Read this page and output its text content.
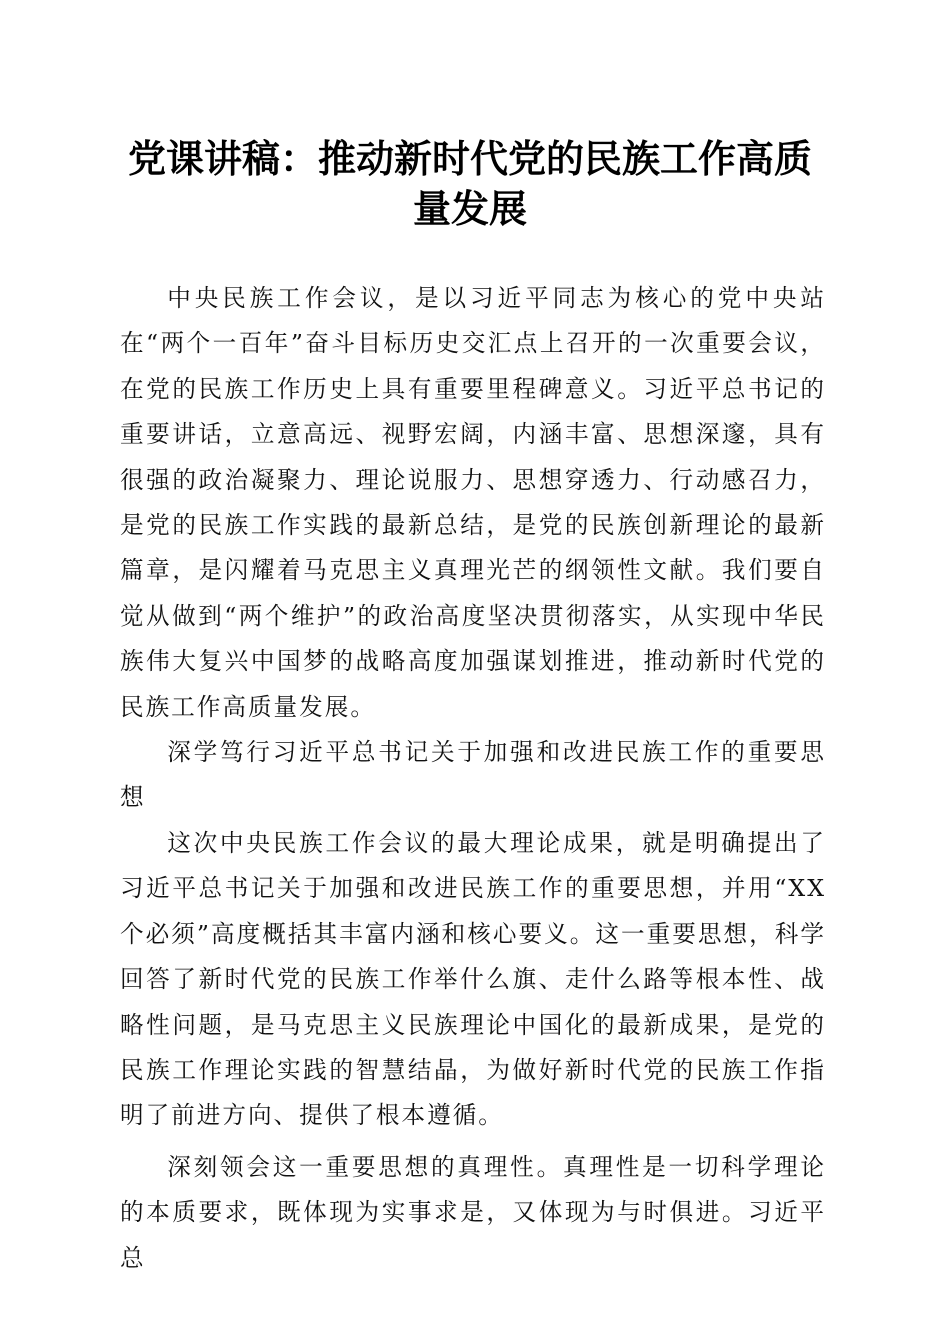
党课讲稿：推动新时代党的民族工作高质量发展

中央民族工作会议，是以习近平同志为核心的党中央站在“两个一百年”奋斗目标历史交汇点上召开的一次重要会议，在党的民族工作历史上具有重要里程碑意义。习近平总书记的重要讲话，立意高远、视野宏阔，内涵丰富、思想深邃，具有很强的政治凝聚力、理论说服力、思想穿透力、行动感召力，是党的民族工作实践的最新总结，是党的民族创新理论的最新篇章，是闪耀着马克思主义真理光芒的纲领性文献。我们要自觉从做到“两个维护”的政治高度坚决贯彻落实，从实现中华民族伟大复兴中国梦的战略高度加强谋划推进，推动新时代党的民族工作高质量发展。

深学笃行习近平总书记关于加强和改进民族工作的重要思想

这次中央民族工作会议的最大理论成果，就是明确提出了习近平总书记关于加强和改进民族工作的重要思想，并用“XX个必须”高度概括其丰富内涵和核心要义。这一重要思想，科学回答了新时代党的民族工作举什么旗、走什么路等根本性、战略性问题，是马克思主义民族理论中国化的最新成果，是党的民族工作理论实践的智慧结晶，为做好新时代党的民族工作指明了前进方向、提供了根本遵循。

深刻领会这一重要思想的真理性。真理性是一切科学理论的本质要求，既体现为实事求是，又体现为与时俱进。习近平总
